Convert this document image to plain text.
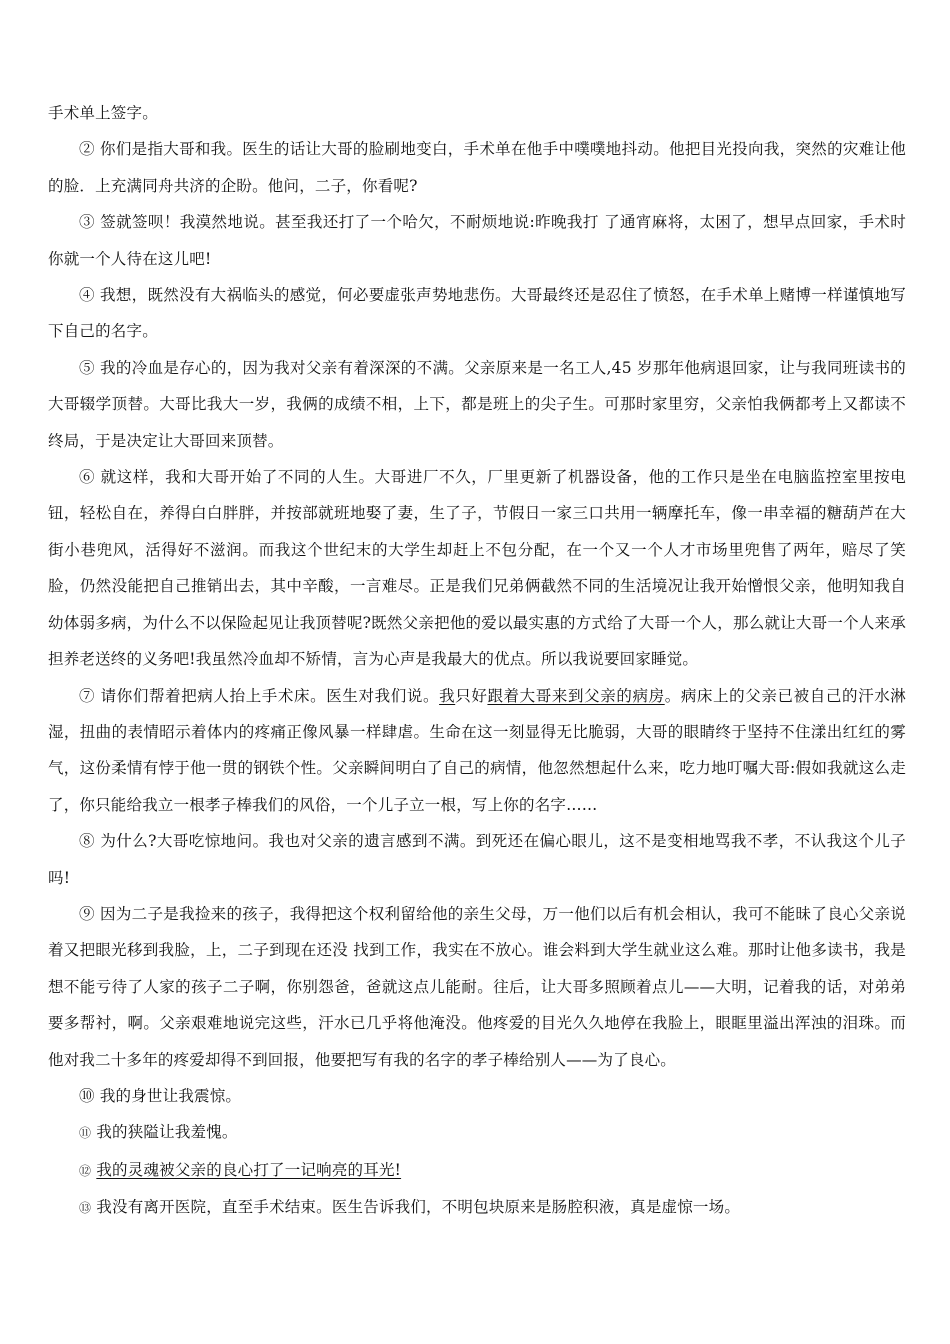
手术单上签字。

② 你们是指大哥和我。医生的话让大哥的脸刷地变白，手术单在他手中噗噗地抖动。他把目光投向我，突然的灾难让他的脸．上充满同舟共济的企盼。他问，二子，你看呢?

③ 签就签呗！我漠然地说。甚至我还打了一个哈欠，不耐烦地说:昨晚我打 了通宵麻将，太困了，想早点回家，手术时你就一个人待在这儿吧!

④ 我想，既然没有大祸临头的感觉，何必要虚张声势地悲伤。大哥最终还是忍住了愤怒，在手术单上赌博一样谨慎地写下自己的名字。

⑤ 我的冷血是存心的，因为我对父亲有着深深的不满。父亲原来是一名工人,45 岁那年他病退回家，让与我同班读书的大哥辍学顶替。大哥比我大一岁，我俩的成绩不相，上下，都是班上的尖子生。可那时家里穷，父亲怕我俩都考上又都读不终局，于是决定让大哥回来顶替。

⑥ 就这样，我和大哥开始了不同的人生。大哥进厂不久，厂里更新了机器设备，他的工作只是坐在电脑监控室里按电钮，轻松自在，养得白白胖胖，并按部就班地娶了妻，生了子，节假日一家三口共用一辆摩托车，像一串幸福的糖葫芦在大街小巷兜风，活得好不滋润。而我这个世纪末的大学生却赶上不包分配，在一个又一个人才市场里兜售了两年，赔尽了笑脸，仍然没能把自己推销出去，其中辛酸，一言难尽。正是我们兄弟俩截然不同的生活境况让我开始憎恨父亲，他明知我自幼体弱多病，为什么不以保险起见让我顶替呢?既然父亲把他的爱以最实惠的方式给了大哥一个人，那么就让大哥一个人来承担养老送终的义务吧!我虽然冷血却不矫情，言为心声是我最大的优点。所以我说要回家睡觉。

⑦ 请你们帮着把病人抬上手术床。医生对我们说。我只好跟着大哥来到父亲的病房。病床上的父亲已被自己的汗水淋湿，扭曲的表情昭示着体内的疼痛正像风暴一样肆虐。生命在这一刻显得无比脆弱，大哥的眼睛终于坚持不住漾出红红的雾气，这份柔情有悖于他一贯的钢铁个性。父亲瞬间明白了自己的病情，他忽然想起什么来，吃力地叮嘱大哥:假如我就这么走了，你只能给我立一根孝子棒我们的风俗，一个儿子立一根，写上你的名字……

⑧ 为什么?大哥吃惊地问。我也对父亲的遗言感到不满。到死还在偏心眼儿，这不是变相地骂我不孝，不认我这个儿子吗!

⑨ 因为二子是我捡来的孩子，我得把这个权利留给他的亲生父母，万一他们以后有机会相认，我可不能昧了良心父亲说着又把眼光移到我脸，上，二子到现在还没 找到工作，我实在不放心。谁会料到大学生就业这么难。那时让他多读书，我是想不能亏待了人家的孩子二子啊，你别怨爸，爸就这点儿能耐。往后，让大哥多照顾着点儿——大明，记着我的话，对弟弟要多帮衬，啊。父亲艰难地说完这些，汗水已几乎将他淹没。他疼爱的目光久久地停在我脸上，眼眶里溢出浑浊的泪珠。而他对我二十多年的疼爱却得不到回报，他要把写有我的名字的孝子棒给别人——为了良心。

⑩ 我的身世让我震惊。

⑪ 我的狭隘让我羞愧。

⑫ 我的灵魂被父亲的良心打了一记响亮的耳光!

⑬ 我没有离开医院，直至手术结束。医生告诉我们，不明包块原来是肠腔积液，真是虚惊一场。
